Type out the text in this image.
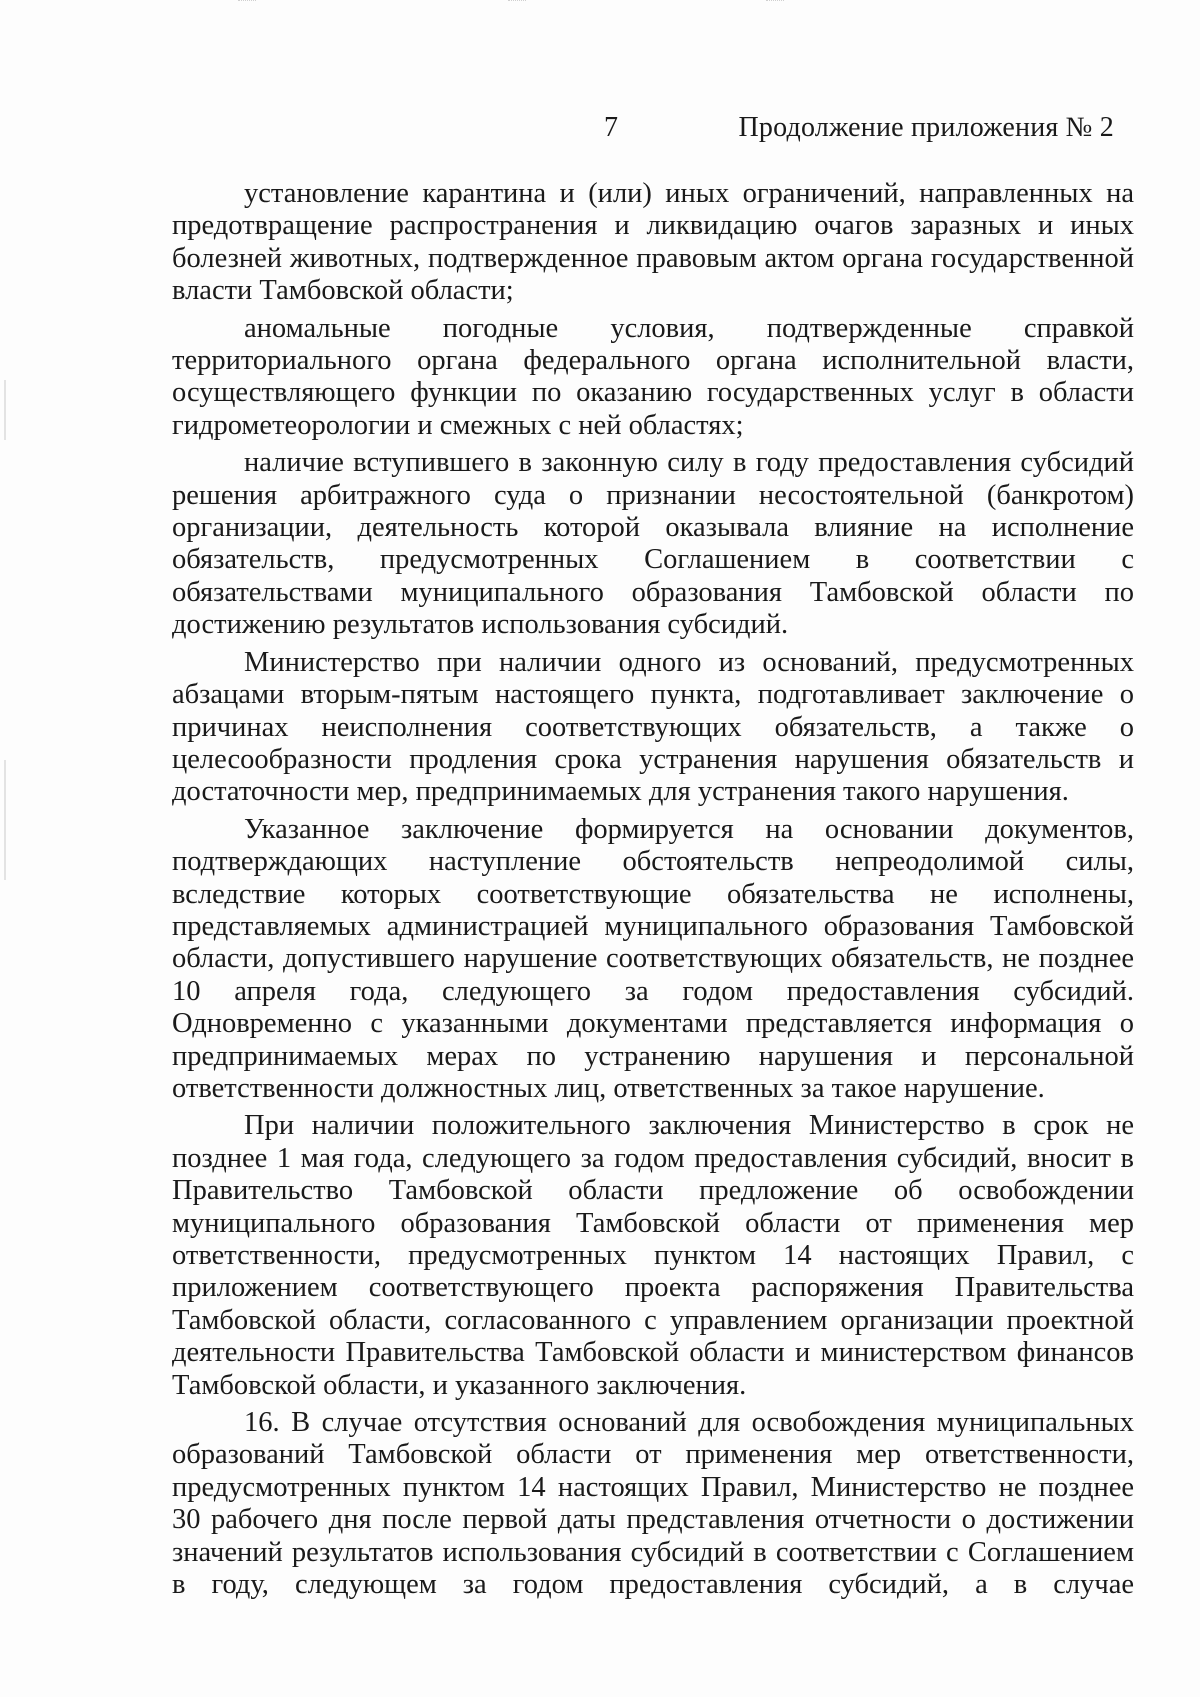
7	Продолжение приложения № 2

установление карантина и (или) иных ограничений, направленных на предотвращение распространения и ликвидацию очагов заразных и иных болезней животных, подтвержденное правовым актом органа государственной власти Тамбовской области;

аномальные погодные условия, подтвержденные справкой территориального органа федерального органа исполнительной власти, осуществляющего функции по оказанию государственных услуг в области гидрометеорологии и смежных с ней областях;

наличие вступившего в законную силу в году предоставления субсидий решения арбитражного суда о признании несостоятельной (банкротом) организации, деятельность которой оказывала влияние на исполнение обязательств, предусмотренных Соглашением в соответствии с обязательствами муниципального образования Тамбовской области по достижению результатов использования субсидий.

Министерство при наличии одного из оснований, предусмотренных абзацами вторым-пятым настоящего пункта, подготавливает заключение о причинах неисполнения соответствующих обязательств, а также о целесообразности продления срока устранения нарушения обязательств и достаточности мер, предпринимаемых для устранения такого нарушения.

Указанное заключение формируется на основании документов, подтверждающих наступление обстоятельств непреодолимой силы, вследствие которых соответствующие обязательства не исполнены, представляемых администрацией муниципального образования Тамбовской области, допустившего нарушение соответствующих обязательств, не позднее 10 апреля года, следующего за годом предоставления субсидий. Одновременно с указанными документами представляется информация о предпринимаемых мерах по устранению нарушения и персональной ответственности должностных лиц, ответственных за такое нарушение.

При наличии положительного заключения Министерство в срок не позднее 1 мая года, следующего за годом предоставления субсидий, вносит в Правительство Тамбовской области предложение об освобождении муниципального образования Тамбовской области от применения мер ответственности, предусмотренных пунктом 14 настоящих Правил, с приложением соответствующего проекта распоряжения Правительства Тамбовской области, согласованного с управлением организации проектной деятельности Правительства Тамбовской области и министерством финансов Тамбовской области, и указанного заключения.

16. В случае отсутствия оснований для освобождения муниципальных образований Тамбовской области от применения мер ответственности, предусмотренных пунктом 14 настоящих Правил, Министерство не позднее 30 рабочего дня после первой даты представления отчетности о достижении значений результатов использования субсидий в соответствии с Соглашением в году, следующем за годом предоставления субсидий, а в случае
